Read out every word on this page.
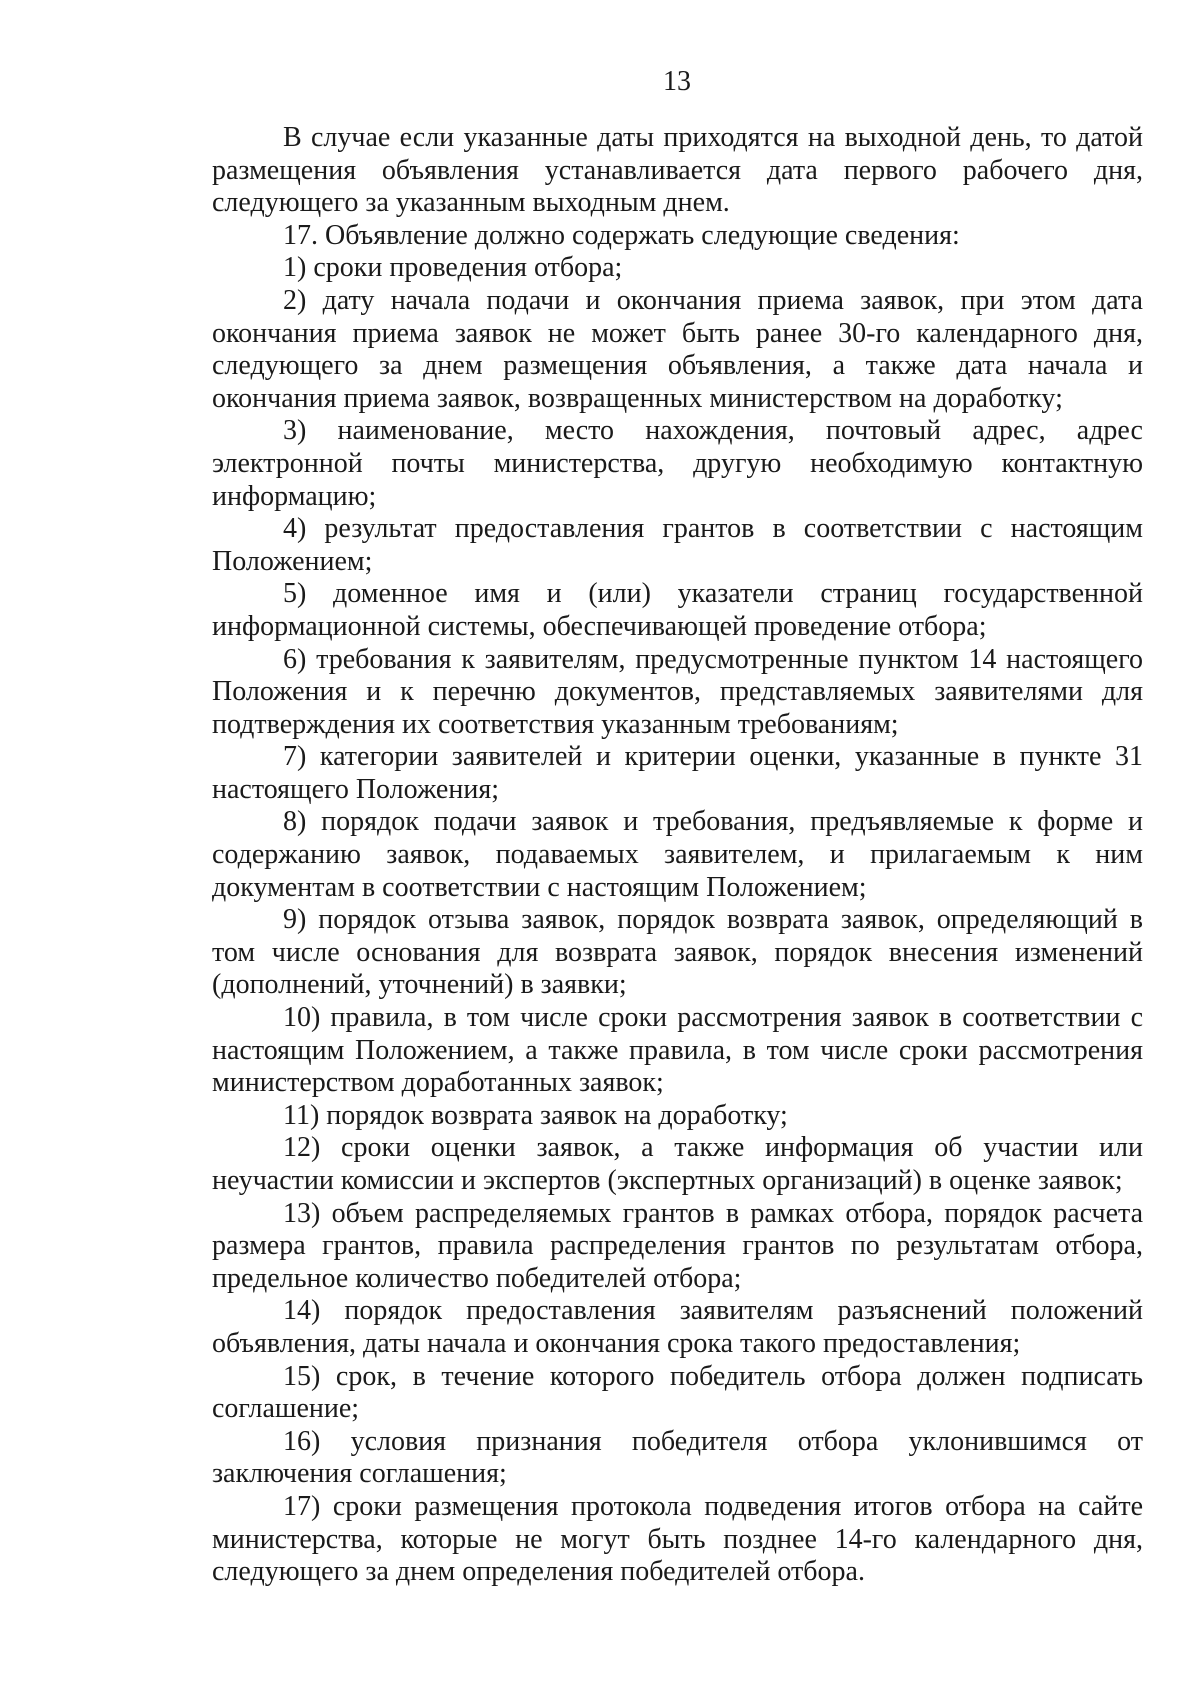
13

В случае если указанные даты приходятся на выходной день, то датой размещения объявления устанавливается дата первого рабочего дня, следующего за указанным выходным днем.

17. Объявление должно содержать следующие сведения:

1) сроки проведения отбора;

2) дату начала подачи и окончания приема заявок, при этом дата окончания приема заявок не может быть ранее 30-го календарного дня, следующего за днем размещения объявления, а также дата начала и окончания приема заявок, возвращенных министерством на доработку;

3) наименование, место нахождения, почтовый адрес, адрес электронной почты министерства, другую необходимую контактную информацию;

4) результат предоставления грантов в соответствии с настоящим Положением;

5) доменное имя и (или) указатели страниц государственной информационной системы, обеспечивающей проведение отбора;

6) требования к заявителям, предусмотренные пунктом 14 настоящего Положения и к перечню документов, представляемых заявителями для подтверждения их соответствия указанным требованиям;

7) категории заявителей и критерии оценки, указанные в пункте 31 настоящего Положения;

8) порядок подачи заявок и требования, предъявляемые к форме и содержанию заявок, подаваемых заявителем, и прилагаемым к ним документам в соответствии с настоящим Положением;

9) порядок отзыва заявок, порядок возврата заявок, определяющий в том числе основания для возврата заявок, порядок внесения изменений (дополнений, уточнений) в заявки;

10) правила, в том числе сроки рассмотрения заявок в соответствии с настоящим Положением, а также правила, в том числе сроки рассмотрения министерством доработанных заявок;

11) порядок возврата заявок на доработку;

12) сроки оценки заявок, а также информация об участии или неучастии комиссии и экспертов (экспертных организаций) в оценке заявок;

13) объем распределяемых грантов в рамках отбора, порядок расчета размера грантов, правила распределения грантов по результатам отбора, предельное количество победителей отбора;

14) порядок предоставления заявителям разъяснений положений объявления, даты начала и окончания срока такого предоставления;

15) срок, в течение которого победитель отбора должен подписать соглашение;

16) условия признания победителя отбора уклонившимся от заключения соглашения;

17) сроки размещения протокола подведения итогов отбора на сайте министерства, которые не могут быть позднее 14-го календарного дня, следующего за днем определения победителей отбора.
